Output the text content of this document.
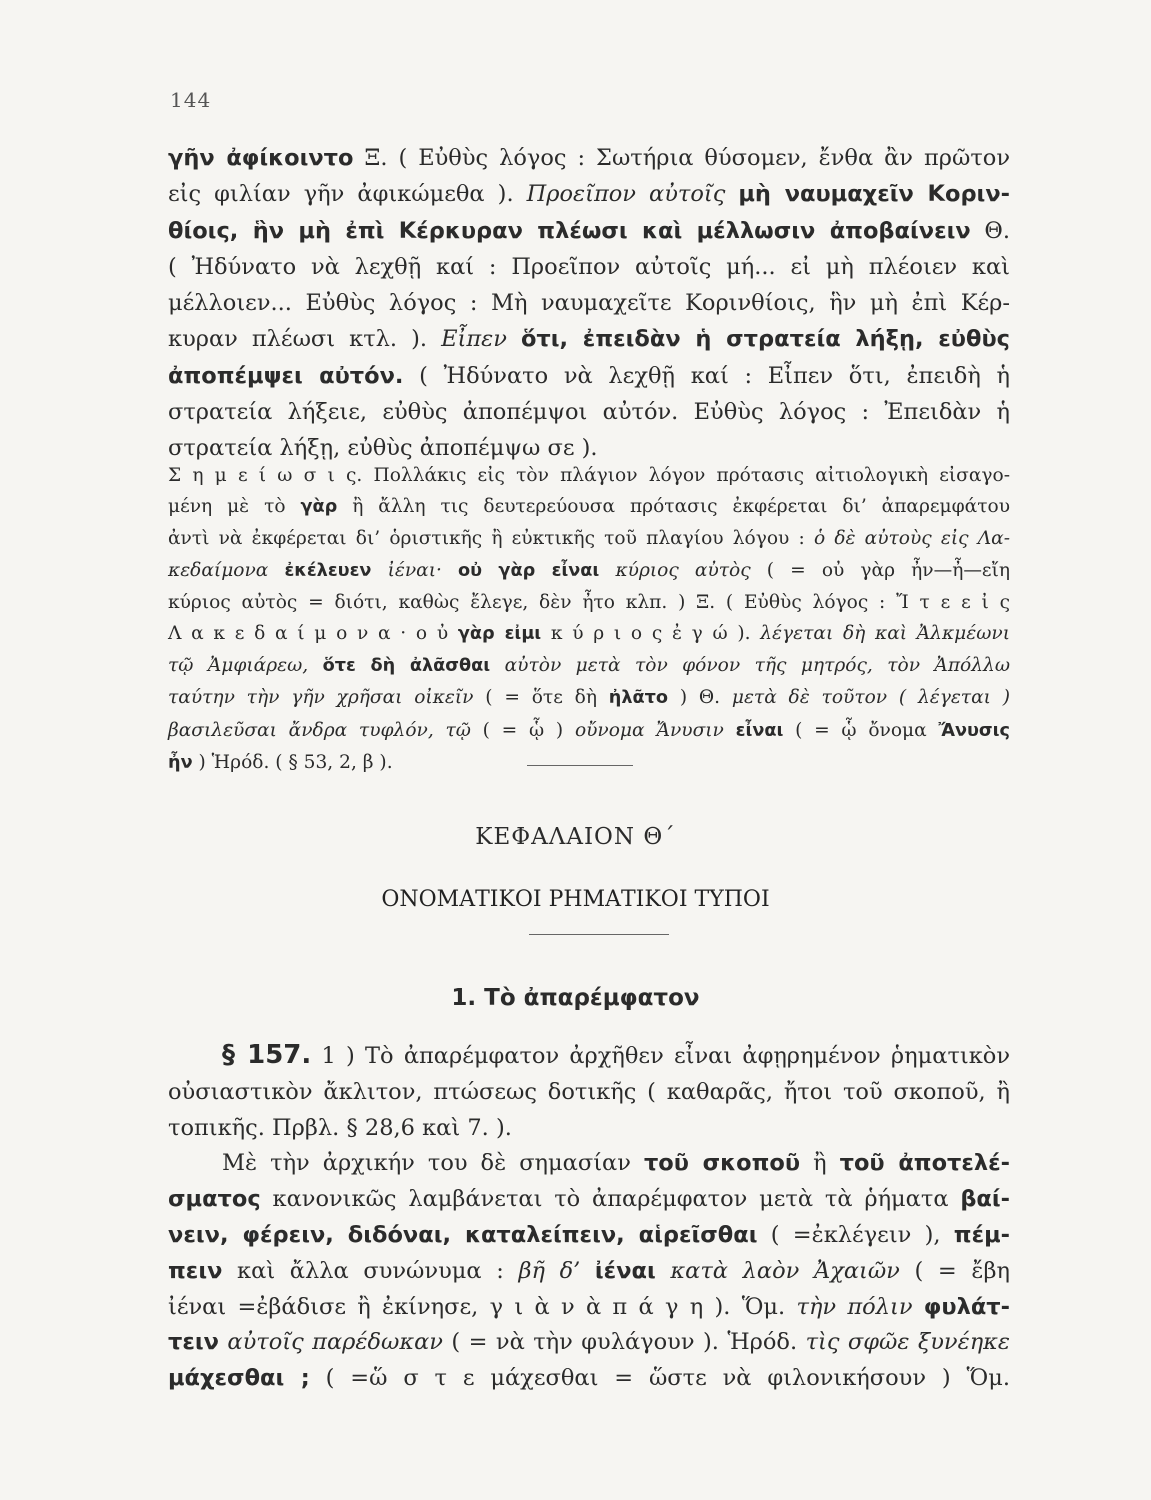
144
γῆν ἀφίκοιντο Ξ. ( Εὐθὺς λόγος : Σωτήρια θύσομεν, ἔνθα ἂν πρῶτον
εἰς φιλίαν γῆν ἀφικώμεθα ). Προεῖπον αὐτοῖς μὴ ναυμαχεῖν Κοριν-
θίοις, ἣν μὴ ἐπὶ Κέρκυραν πλέωσι καὶ μέλλωσιν ἀποβαίνειν Θ.
( Ἠδύνατο νὰ λεχθῇ καί : Προεῖπον αὐτοῖς μή... εἰ μὴ πλέοιεν καὶ
μέλλοιεν... Εὐθὺς λόγος : Μὴ ναυμαχεῖτε Κορινθίοις, ἣν μὴ ἐπὶ Κέρ-
κυραν πλέωσι κτλ. ). Εἶπεν ὅτι, ἐπειδὰν ἡ στρατεία λήξῃ, εὐθὺς
ἀποπέμψει αὐτόν. ( Ἠδύνατο νὰ λεχθῇ καί : Εἶπεν ὅτι, ἐπειδὴ ἡ
στρατεία λήξειε, εὐθὺς ἀποπέμψοι αὐτόν. Εὐθὺς λόγος : Ἐπειδὰν ἡ
στρατεία λήξῃ, εὐθὺς ἀποπέμψω σε ).
Σ η μ ε ί ω σ ι ς. Πολλάκις εἰς τὸν πλάγιον λόγον πρότασις αἰτιολογικὴ εἰσαγο-
μένη μὲ τὸ γὰρ ἢ ἄλλη τις δευτερεύουσα πρότασις ἐκφέρεται δι’ ἀπαρεμφάτου
ἀντὶ νὰ ἐκφέρεται δι’ ὁριστικῆς ἢ εὐκτικῆς τοῦ πλαγίου λόγου : ὁ δὲ αὐτοὺς εἰς Λα-
κεδαίμονα ἐκέλευεν ἰέναι· οὐ γὰρ εἶναι κύριος αὐτὸς ( = οὐ γὰρ ἦν—ἦ—εἴη
κύριος αὐτὸς = διότι, καθὼς ἔλεγε, δὲν ἦτο κλπ. ) Ξ. ( Εὐθὺς λόγος : Ἴ τ ε ε ἰ ς
Λ α κ ε δ α ί μ ο ν α · ο ὐ γὰρ εἰμι κ ύ ρ ι ο ς ἐ γ ώ ). λέγεται δὴ καὶ Ἀλκμέωνι
τῷ Ἀμφιάρεω, ὅτε δὴ ἀλᾶσθαι αὐτὸν μετὰ τὸν φόνον τῆς μητρός, τὸν Ἀπόλλω
ταύτην τὴν γῆν χρῆσαι οἰκεῖν ( = ὅτε δὴ ἠλᾶτο ) Θ. μετὰ δὲ τοῦτον ( λέγεται )
βασιλεῦσαι ἄνδρα τυφλόν, τῷ ( = ᾧ ) οὔνομα Ἄνυσιν εἶναι ( = ᾧ ὄνομα Ἄνυσις
ἦν ) Ἡρόδ. ( § 53, 2, β ).
ΚΕΦΑΛΑΙΟΝ Θ΄
ΟΝΟΜΑΤΙΚΟΙ ΡΗΜΑΤΙΚΟΙ ΤΥΠΟΙ
1. Τὸ ἀπαρέμφατον
§ 157. 1 ) Τὸ ἀπαρέμφατον ἀρχῆθεν εἶναι ἀφῃρημένον ῥηματικὸν
οὐσιαστικὸν ἄκλιτον, πτώσεως δοτικῆς ( καθαρᾶς, ἤτοι τοῦ σκοποῦ, ἢ
τοπικῆς. Πρβλ. § 28,6 καὶ 7. ).
Μὲ τὴν ἀρχικήν του δὲ σημασίαν τοῦ σκοποῦ ἢ τοῦ ἀποτελέ-
σματος κανονικῶς λαμβάνεται τὸ ἀπαρέμφατον μετὰ τὰ ῥήματα βαί-
νειν, φέρειν, διδόναι, καταλείπειν, αἱρεῖσθαι ( =ἐκλέγειν ), πέμ-
πειν καὶ ἄλλα συνώνυμα : βῆ δ’ ἰέναι κατὰ λαὸν Ἀχαιῶν ( = ἔβη
ἰέναι =ἐβάδισε ἢ ἐκίνησε, γ ι ὰ ν ὰ π ά γ η ). Ὅμ. τὴν πόλιν φυλάτ-
τειν αὐτοῖς παρέδωκαν ( = νὰ τὴν φυλάγουν ). Ἡρόδ. τὶς σφῶε ξυνέηκε
μάχεσθαι ; ( =ὥ σ τ ε μάχεσθαι = ὥστε νὰ φιλονικήσουν ) Ὅμ.
